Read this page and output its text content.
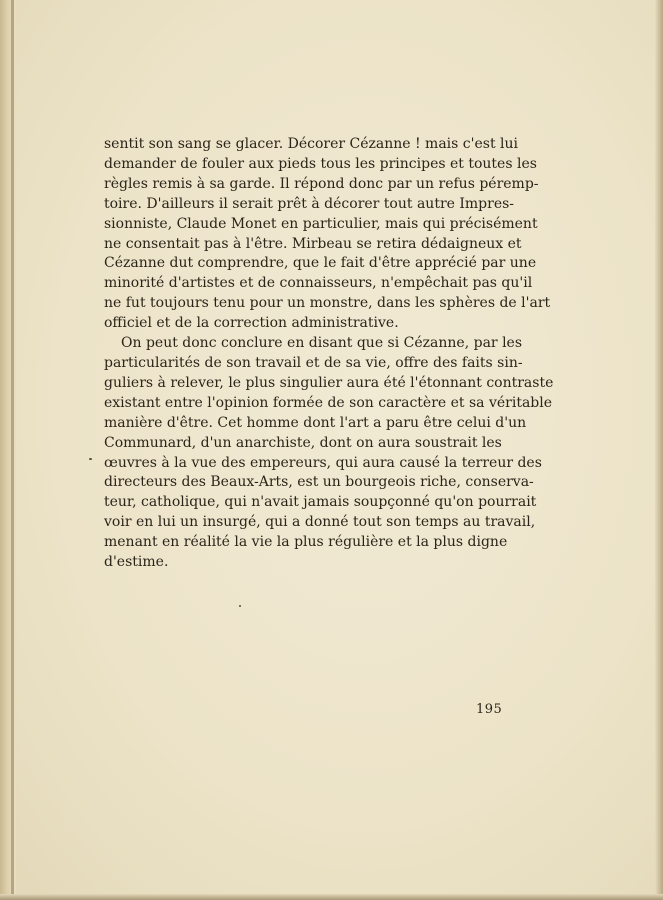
sentit son sang se glacer. Décorer Cézanne ! mais c'est lui
demander de fouler aux pieds tous les principes et toutes les
règles remis à sa garde. Il répond donc par un refus péremp-
toire. D'ailleurs il serait prêt à décorer tout autre Impres-
sionniste, Claude Monet en particulier, mais qui précisément
ne consentait pas à l'être. Mirbeau se retira dédaigneux et
Cézanne dut comprendre, que le fait d'être apprécié par une
minorité d'artistes et de connaisseurs, n'empêchait pas qu'il
ne fut toujours tenu pour un monstre, dans les sphères de l'art
officiel et de la correction administrative.

On peut donc conclure en disant que si Cézanne, par les
particularités de son travail et de sa vie, offre des faits sin-
guliers à relever, le plus singulier aura été l'étonnant contraste
existant entre l'opinion formée de son caractère et sa véritable
manière d'être. Cet homme dont l'art a paru être celui d'un
Communard, d'un anarchiste, dont on aura soustrait les
œuvres à la vue des empereurs, qui aura causé la terreur des
directeurs des Beaux-Arts, est un bourgeois riche, conserva-
teur, catholique, qui n'avait jamais soupçonné qu'on pourrait
voir en lui un insurgé, qui a donné tout son temps au travail,
menant en réalité la vie la plus régulière et la plus digne
d'estime.

195
